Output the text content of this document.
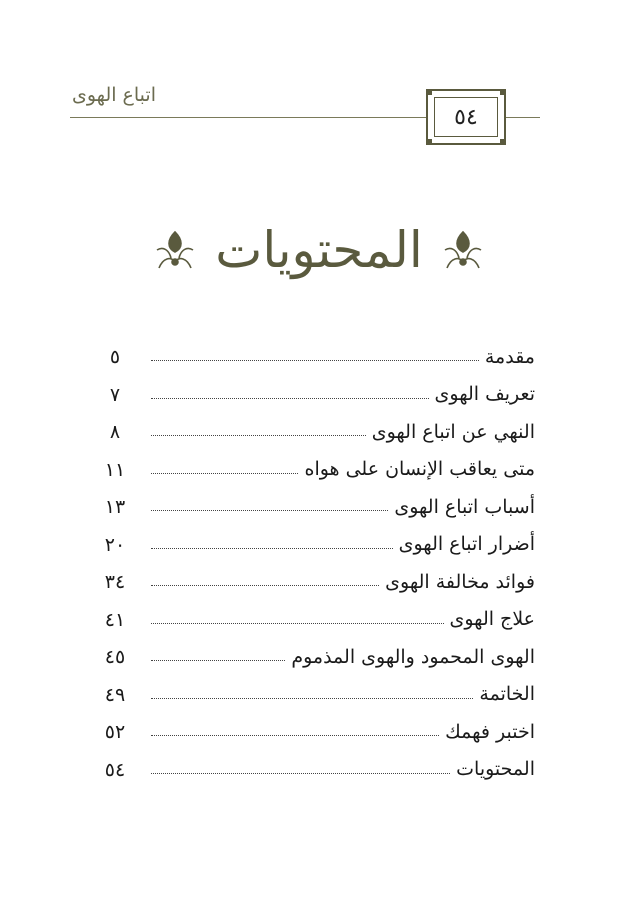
اتباع الهوى
٥٤
المحتويات
مقدمة
٥
تعريف الهوى
٧
النهي عن اتباع الهوى
٨
متى يعاقب الإنسان على هواه
١١
أسباب اتباع الهوى
١٣
أضرار اتباع الهوى
٢٠
فوائد مخالفة الهوى
٣٤
علاج الهوى
٤١
الهوى المحمود والهوى المذموم
٤٥
الخاتمة
٤٩
اختبر فهمك
٥٢
المحتويات
٥٤
